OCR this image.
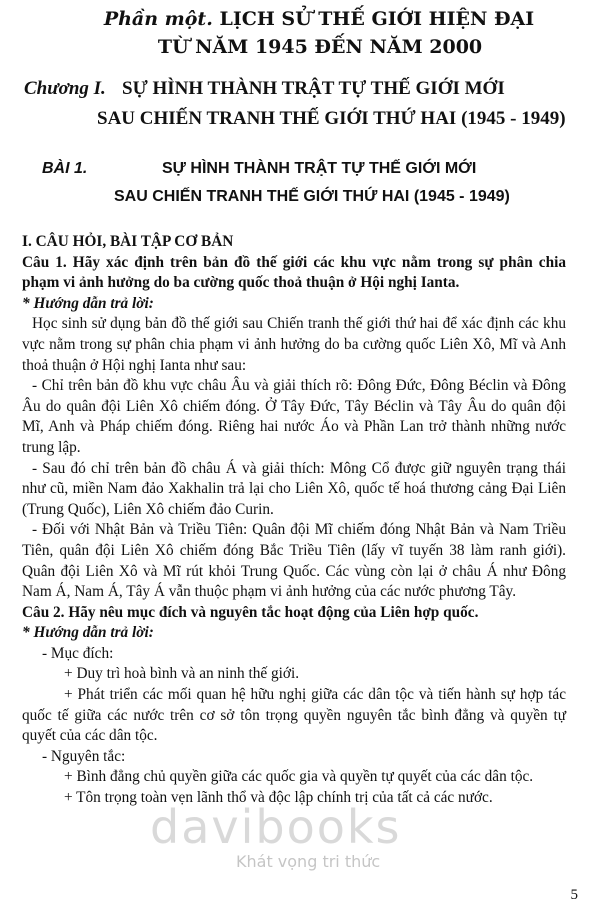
Phần một. LỊCH SỬ THẾ GIỚI HIỆN ĐẠI
TỪ NĂM 1945 ĐẾN NĂM 2000
Chương I. SỰ HÌNH THÀNH TRẬT TỰ THẾ GIỚI MỚI
SAU CHIẾN TRANH THẾ GIỚI THỨ HAI (1945 - 1949)
BÀI 1.	SỰ HÌNH THÀNH TRẬT TỰ THẾ GIỚI MỚI
SAU CHIẾN TRANH THẾ GIỚI THỨ HAI (1945 - 1949)

I. CÂU HỎI, BÀI TẬP CƠ BẢN

Câu 1. Hãy xác định trên bản đồ thế giới các khu vực nằm trong sự phân chia phạm vi ảnh hưởng do ba cường quốc thoả thuận ở Hội nghị Ianta.

* Hướng dẫn trả lời:

Học sinh sử dụng bản đồ thế giới sau Chiến tranh thế giới thứ hai để xác định các khu vực nằm trong sự phân chia phạm vi ảnh hưởng do ba cường quốc Liên Xô, Mĩ và Anh thoả thuận ở Hội nghị Ianta như sau:

- Chỉ trên bản đồ khu vực châu Âu và giải thích rõ: Đông Đức, Đông Béclin và Đông Âu do quân đội Liên Xô chiếm đóng. Ở Tây Đức, Tây Béclin và Tây Âu do quân đội Mĩ, Anh và Pháp chiếm đóng. Riêng hai nước Áo và Phần Lan trở thành những nước trung lập.

- Sau đó chỉ trên bản đồ châu Á và giải thích: Mông Cổ được giữ nguyên trạng thái như cũ, miền Nam đảo Xakhalin trả lại cho Liên Xô, quốc tế hoá thương cảng Đại Liên (Trung Quốc), Liên Xô chiếm đảo Curin.

- Đối với Nhật Bản và Triều Tiên: Quân đội Mĩ chiếm đóng Nhật Bản và Nam Triều Tiên, quân đội Liên Xô chiếm đóng Bắc Triều Tiên (lấy vĩ tuyến 38 làm ranh giới). Quân đội Liên Xô và Mĩ rút khỏi Trung Quốc. Các vùng còn lại ở châu Á như Đông Nam Á, Nam Á, Tây Á vẫn thuộc phạm vi ảnh hưởng của các nước phương Tây.

Câu 2. Hãy nêu mục đích và nguyên tắc hoạt động của Liên hợp quốc.

* Hướng dẫn trả lời:

- Mục đích:

+ Duy trì hoà bình và an ninh thế giới.

+ Phát triển các mối quan hệ hữu nghị giữa các dân tộc và tiến hành sự hợp tác quốc tế giữa các nước trên cơ sở tôn trọng quyền nguyên tắc bình đẳng và quyền tự quyết của các dân tộc.

- Nguyên tắc:

+ Bình đẳng chủ quyền giữa các quốc gia và quyền tự quyết của các dân tộc.

+ Tôn trọng toàn vẹn lãnh thổ và độc lập chính trị của tất cả các nước.

davibooks
Khát vọng tri thức
5
